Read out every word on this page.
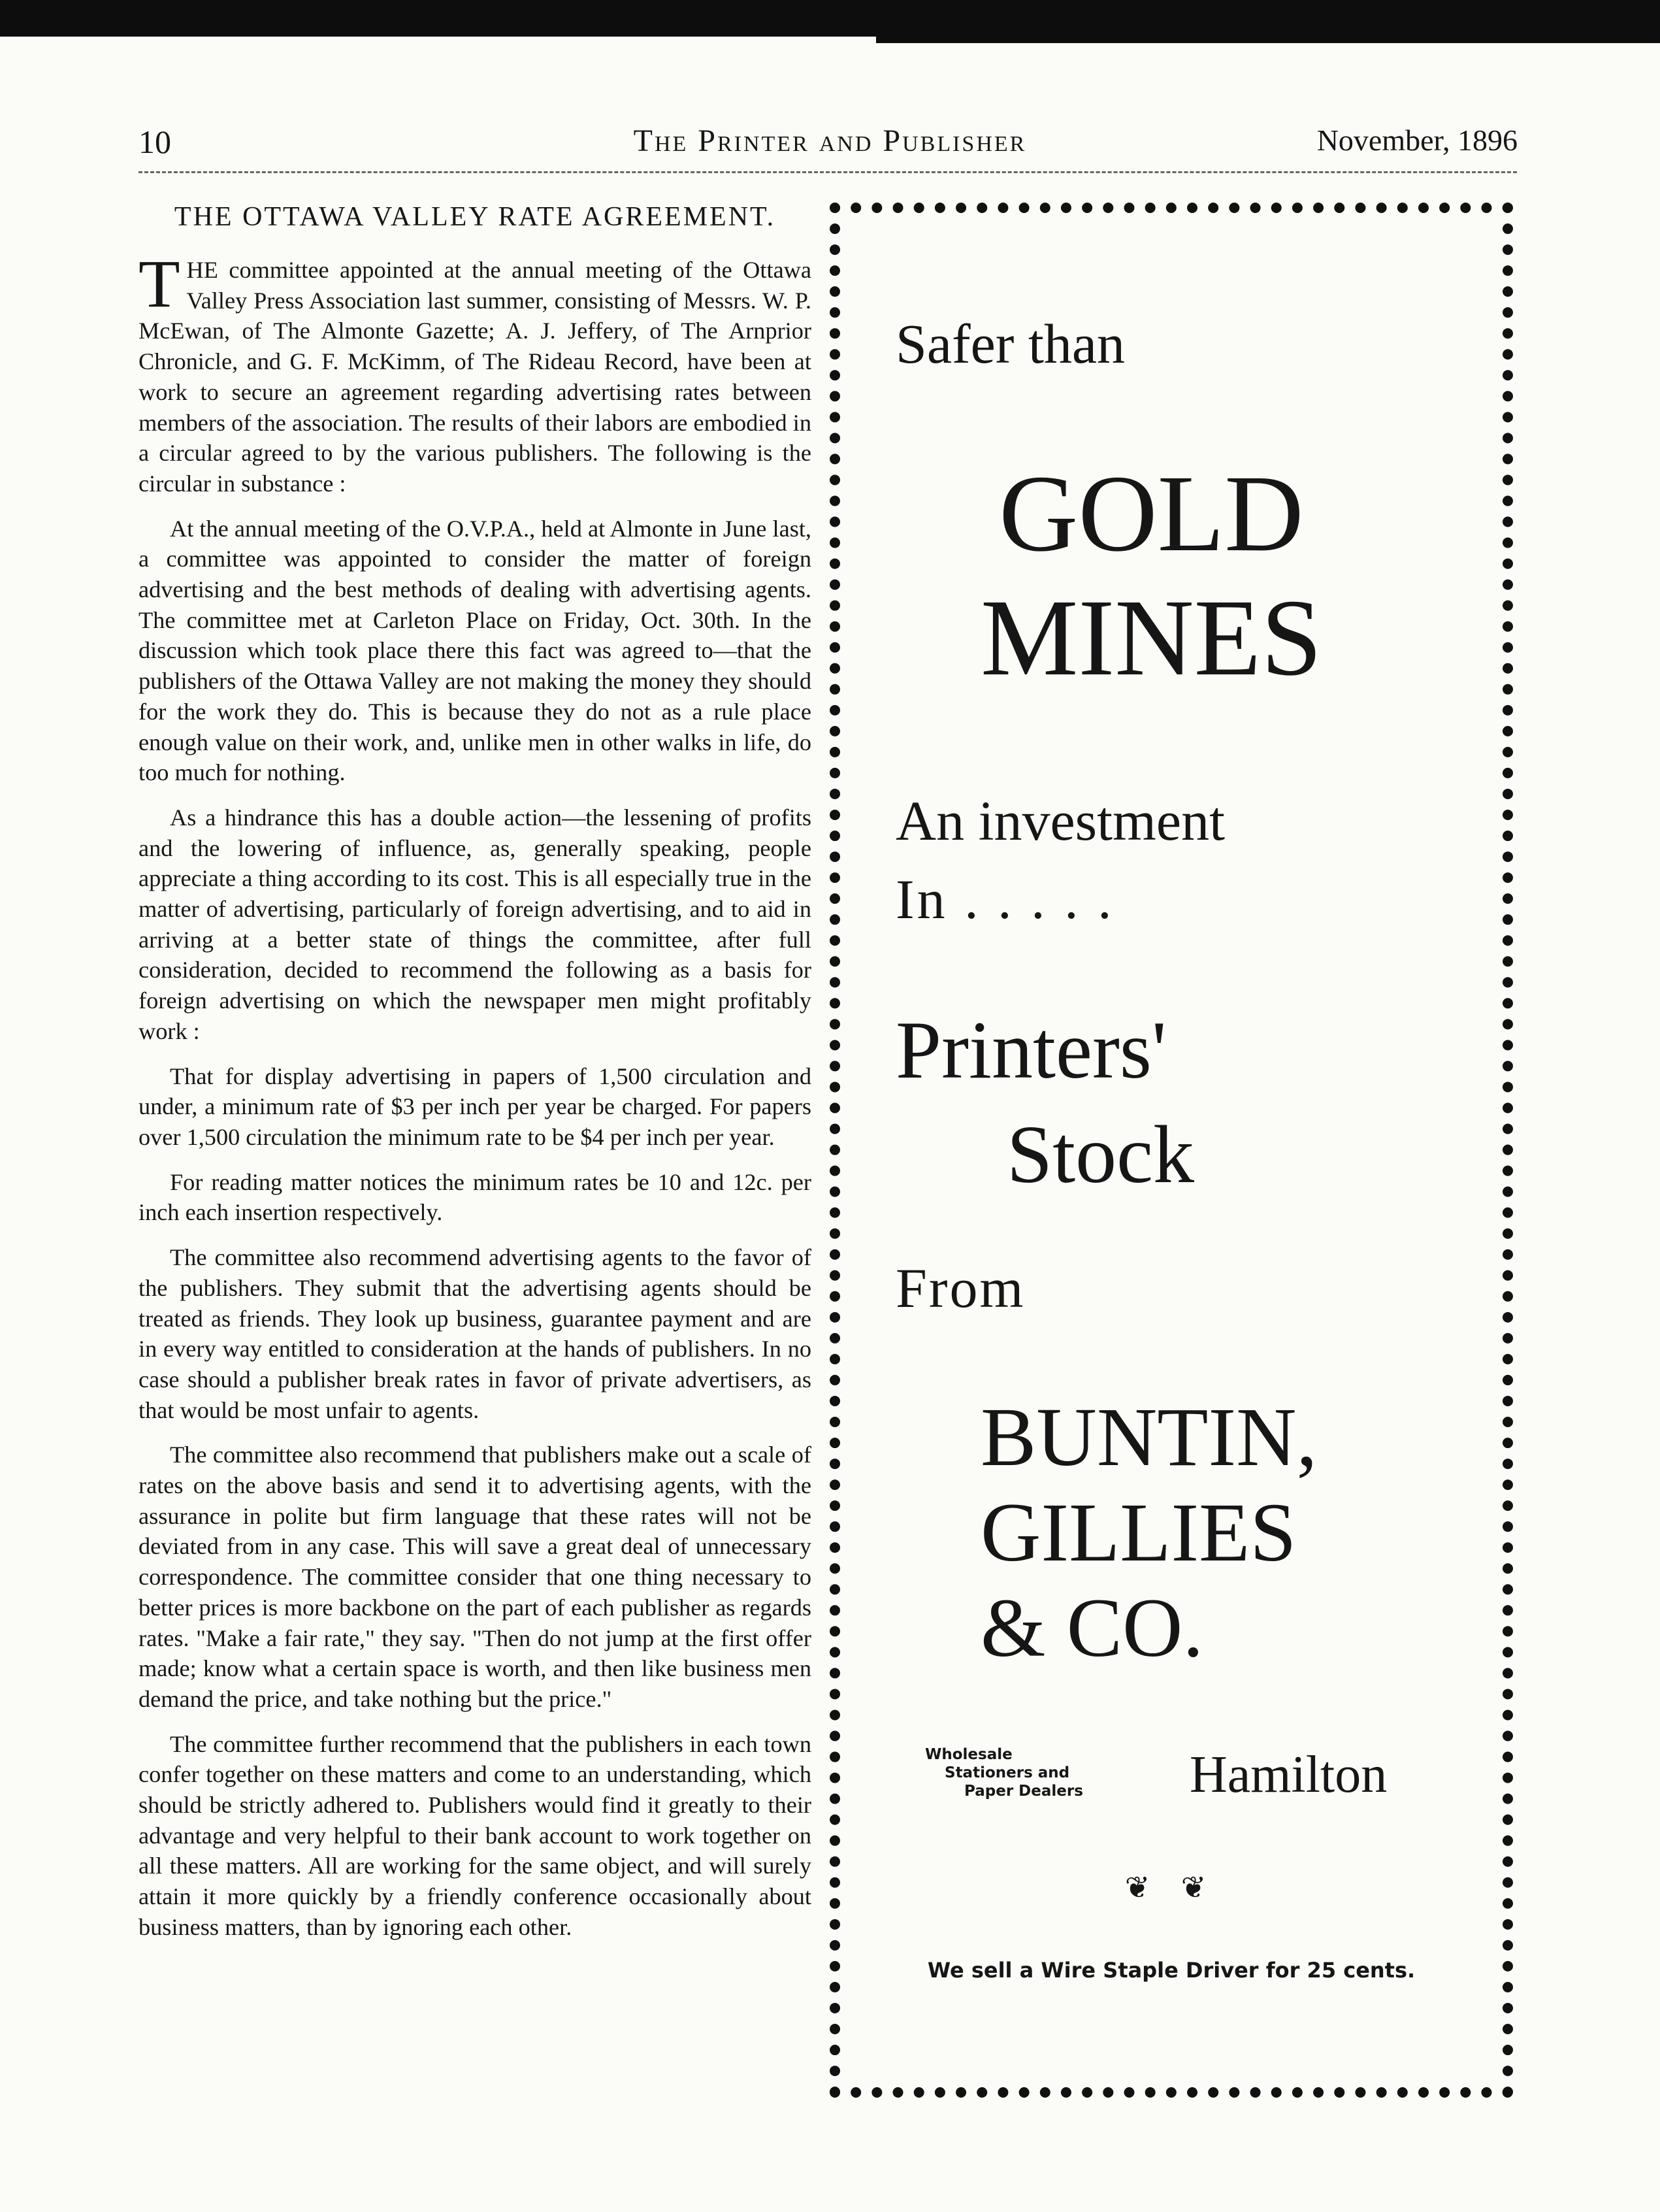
10	The Printer and Publisher	November, 1896
THE OTTAWA VALLEY RATE AGREEMENT.

THE committee appointed at the annual meeting of the Ottawa Valley Press Association last summer, consisting of Messrs. W. P. McEwan, of The Almonte Gazette; A. J. Jeffery, of The Arnprior Chronicle, and G. F. McKimm, of The Rideau Record, have been at work to secure an agreement regarding advertising rates between members of the association. The results of their labors are embodied in a circular agreed to by the various publishers. The following is the circular in substance :

At the annual meeting of the O.V.P.A., held at Almonte in June last, a committee was appointed to consider the matter of foreign advertising and the best methods of dealing with advertising agents. The committee met at Carleton Place on Friday, Oct. 30th. In the discussion which took place there this fact was agreed to—that the publishers of the Ottawa Valley are not making the money they should for the work they do. This is because they do not as a rule place enough value on their work, and, unlike men in other walks in life, do too much for nothing.

As a hindrance this has a double action—the lessening of profits and the lowering of influence, as, generally speaking, people appreciate a thing according to its cost. This is all especially true in the matter of advertising, particularly of foreign advertising, and to aid in arriving at a better state of things the committee, after full consideration, decided to recommend the following as a basis for foreign advertising on which the newspaper men might profitably work :

That for display advertising in papers of 1,500 circulation and under, a minimum rate of $3 per inch per year be charged. For papers over 1,500 circulation the minimum rate to be $4 per inch per year.

For reading matter notices the minimum rates be 10 and 12c. per inch each insertion respectively.

The committee also recommend advertising agents to the favor of the publishers. They submit that the advertising agents should be treated as friends. They look up business, guarantee payment and are in every way entitled to consideration at the hands of publishers. In no case should a publisher break rates in favor of private advertisers, as that would be most unfair to agents.

The committee also recommend that publishers make out a scale of rates on the above basis and send it to advertising agents, with the assurance in polite but firm language that these rates will not be deviated from in any case. This will save a great deal of unnecessary correspondence. The committee consider that one thing necessary to better prices is more backbone on the part of each publisher as regards rates. "Make a fair rate," they say. "Then do not jump at the first offer made; know what a certain space is worth, and then like business men demand the price, and take nothing but the price."

The committee further recommend that the publishers in each town confer together on these matters and come to an understanding, which should be strictly adhered to. Publishers would find it greatly to their advantage and very helpful to their bank account to work together on all these matters. All are working for the same object, and will surely attain it more quickly by a friendly conference occasionally about business matters, than by ignoring each other.

Safer than
GOLD
MINES
An investment
In . . . . .
Printers'
Stock
From
BUNTIN,
GILLIES
& CO.
Wholesale
Stationers and
Paper Dealers Hamilton
❦ ❦
We sell a Wire Staple Driver for 25 cents.
